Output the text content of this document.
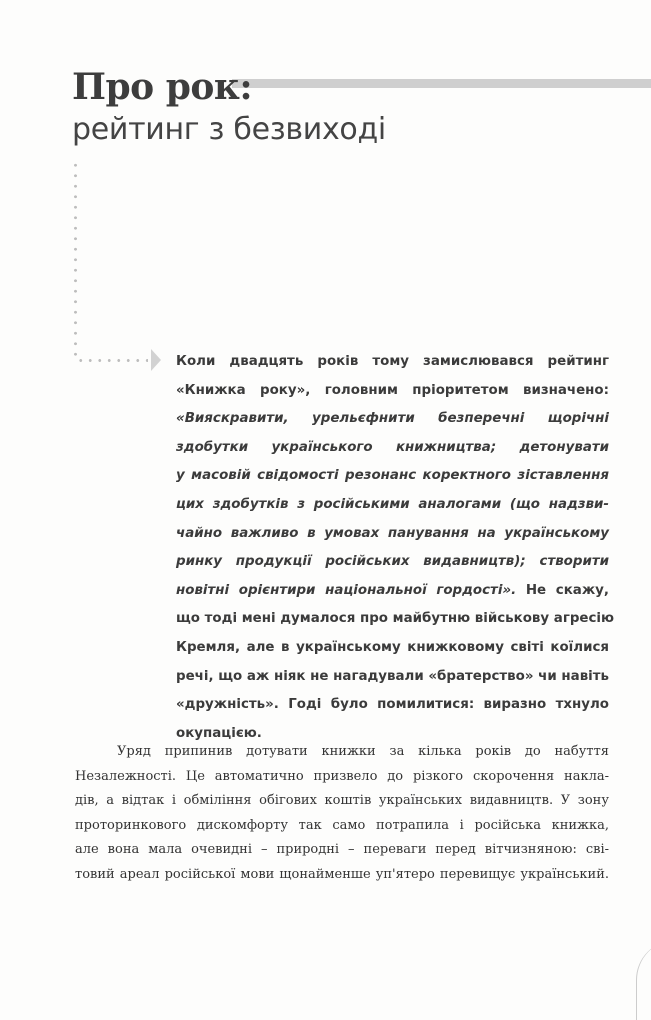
Про рок:
рейтинг з безвиході
Коли двадцять років тому замислювався рейтинг
«Книжка року», головним пріоритетом визначено:
«Вияскравити, урельєфнити безперечні щорічні
здобутки українського книжництва; детонувати
у масовій свідомості резонанс коректного зіставлення
цих здобутків з російськими аналогами (що надзви-
чайно важливо в умовах панування на українському
ринку продукції російських видавництв); створити
новітні орієнтири національної гордості». Не скажу,
що тоді мені думалося про майбутню військову агресію
Кремля, але в українському книжковому світі коїлися
речі, що аж ніяк не нагадували «братерство» чи навіть
«дружність». Годі було помилитися: виразно тхнуло
окупацією.
Уряд припинив дотувати книжки за кілька років до набуття
Незалежності. Це автоматично призвело до різкого скорочення накла-
дів, а відтак і обміління обігових коштів українських видавництв. У зону
проторинкового дискомфорту так само потрапила і російська книжка,
але вона мала очевидні – природні – переваги перед вітчизняною: сві-
товий ареал російської мови щонайменше уп'ятеро перевищує український.
